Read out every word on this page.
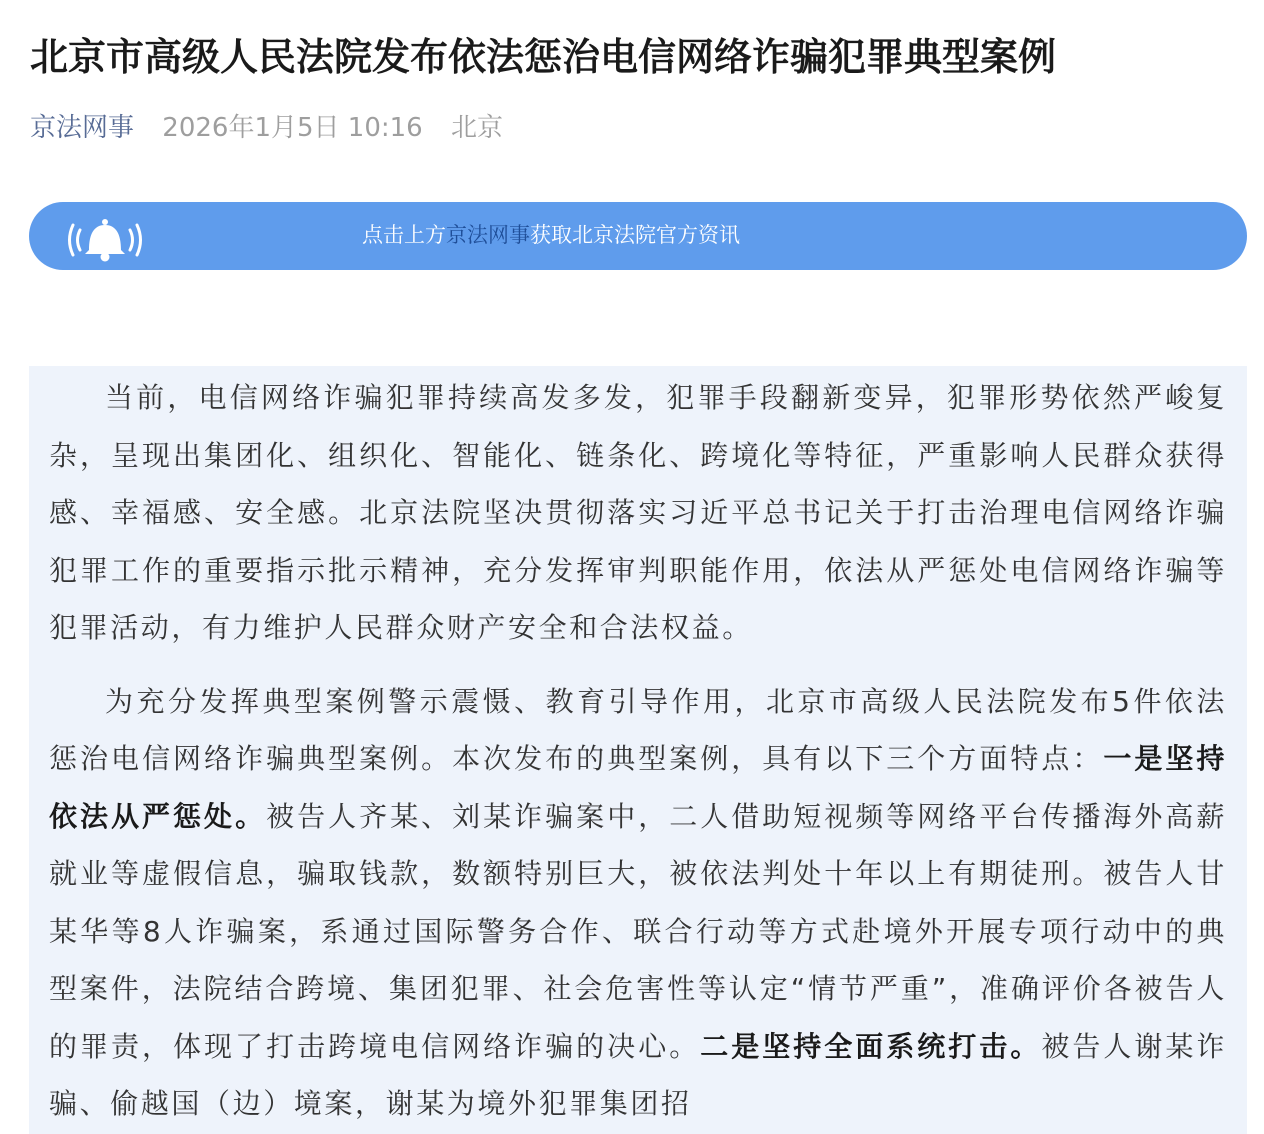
北京市高级人民法院发布依法惩治电信网络诈骗犯罪典型案例
京法网事 2026年1月5日 10:16 北京
点击上方京法网事获取北京法院官方资讯

当前，电信网络诈骗犯罪持续高发多发，犯罪手段翻新变异，犯罪形势依然严峻复杂，呈现出集团化、组织化、智能化、链条化、跨境化等特征，严重影响人民群众获得感、幸福感、安全感。北京法院坚决贯彻落实习近平总书记关于打击治理电信网络诈骗犯罪工作的重要指示批示精神，充分发挥审判职能作用，依法从严惩处电信网络诈骗等犯罪活动，有力维护人民群众财产安全和合法权益。

为充分发挥典型案例警示震慑、教育引导作用，北京市高级人民法院发布5件依法惩治电信网络诈骗典型案例。本次发布的典型案例，具有以下三个方面特点：一是坚持依法从严惩处。被告人齐某、刘某诈骗案中，二人借助短视频等网络平台传播海外高薪就业等虚假信息，骗取钱款，数额特别巨大，被依法判处十年以上有期徒刑。被告人甘某华等8人诈骗案，系通过国际警务合作、联合行动等方式赴境外开展专项行动中的典型案件，法院结合跨境、集团犯罪、社会危害性等认定“情节严重”，准确评价各被告人的罪责，体现了打击跨境电信网络诈骗的决心。二是坚持全面系统打击。被告人谢某诈骗、偷越国（边）境案，谢某为境外犯罪集团招
